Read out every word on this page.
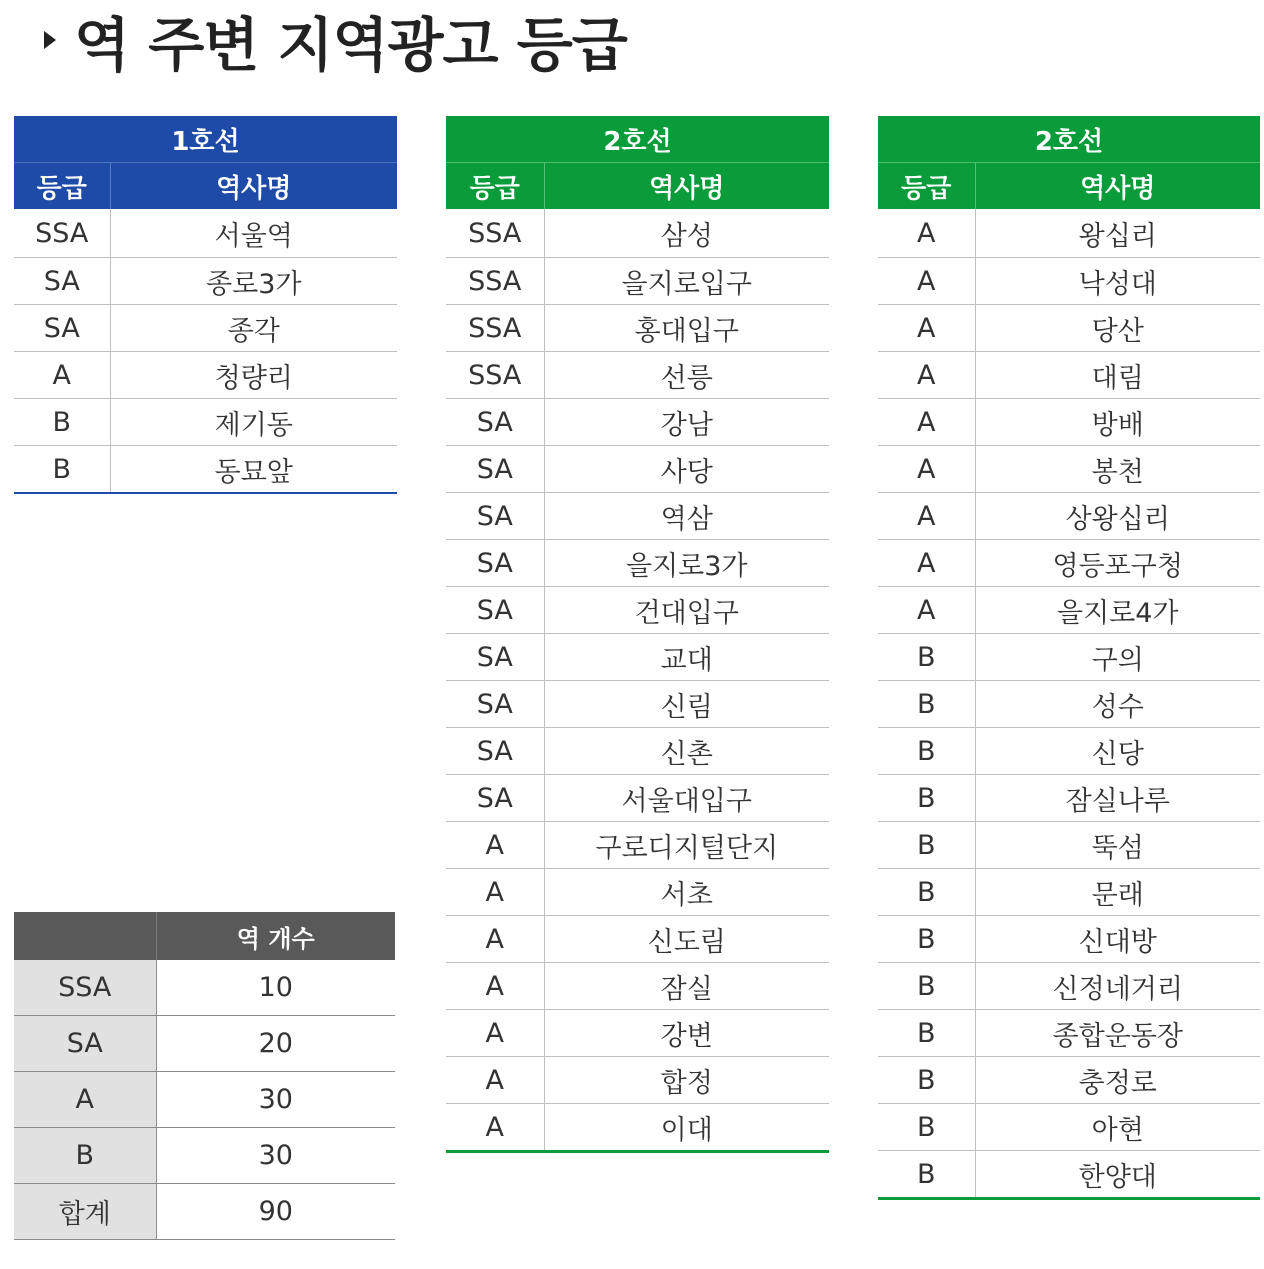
역 주변 지역광고 등급
1호선	
등급	역사명
SSA	서울역
SA	종로3가
SA	종각
A	청량리
B	제기동
B	동묘앞
2호선	
등급	역사명
SSA	삼성
SSA	을지로입구
SSA	홍대입구
SSA	선릉
SA	강남
SA	사당
SA	역삼
SA	을지로3가
SA	건대입구
SA	교대
SA	신림
SA	신촌
SA	서울대입구
A	구로디지털단지
A	서초
A	신도림
A	잠실
A	강변
A	합정
A	이대
2호선	
등급	역사명
A	왕십리
A	낙성대
A	당산
A	대림
A	방배
A	봉천
A	상왕십리
A	영등포구청
A	을지로4가
B	구의
B	성수
B	신당
B	잠실나루
B	뚝섬
B	문래
B	신대방
B	신정네거리
B	종합운동장
B	충정로
B	아현
B	한양대
	역 개수
SSA	10
SA	20
A	30
B	30
합계	90
